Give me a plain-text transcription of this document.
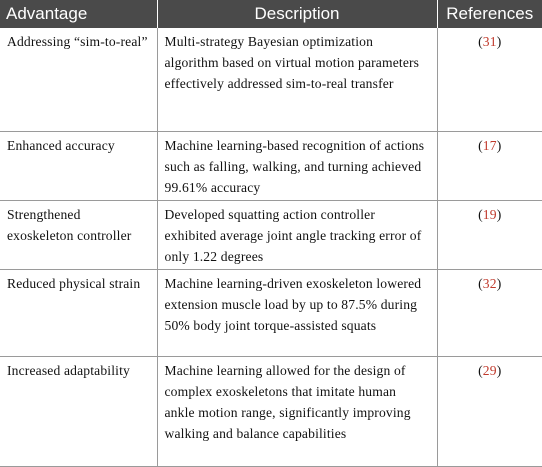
Advantage	Description	References
Addressing “sim-to-real”	Multi-strategy Bayesian optimization algorithm based on virtual motion parameters effectively addressed sim-to-real transfer	(31)
Enhanced accuracy	Machine learning-based recognition of actions such as falling, walking, and turning achieved 99.61% accuracy	(17)
Strengthened exoskeleton controller	Developed squatting action controller exhibited average joint angle tracking error of only 1.22 degrees	(19)
Reduced physical strain	Machine learning-driven exoskeleton lowered extension muscle load by up to 87.5% during 50% body joint torque-assisted squats	(32)
Increased adaptability	Machine learning allowed for the design of complex exoskeletons that imitate human ankle motion range, significantly improving walking and balance capabilities	(29)
